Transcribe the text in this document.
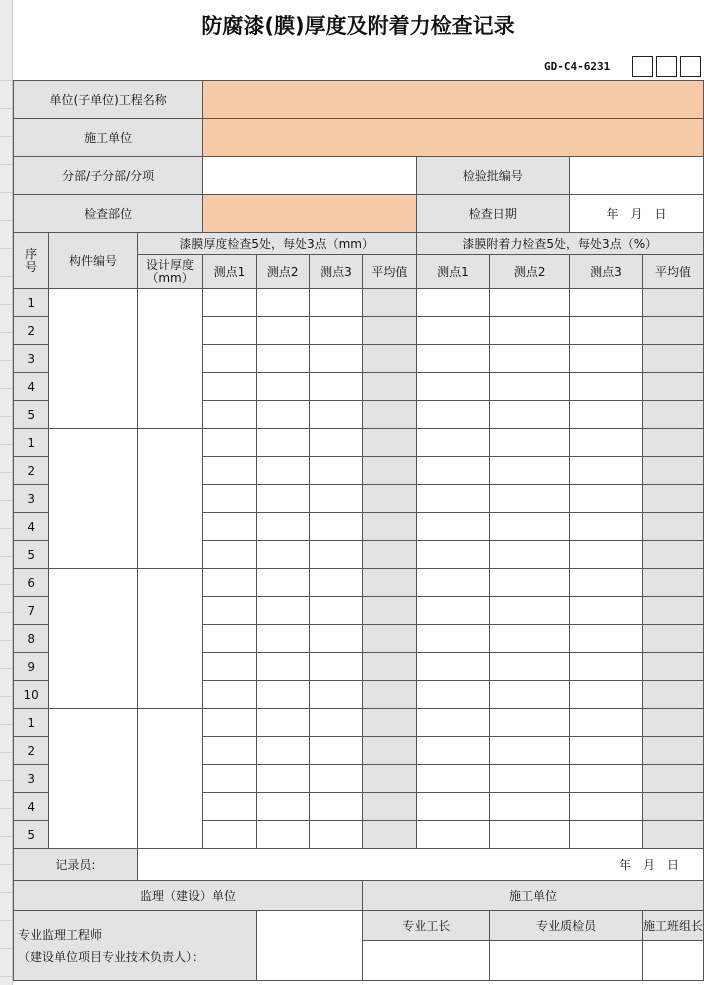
防腐漆(膜)厚度及附着力检查记录
GD-C4-6231
单位(子单位)工程名称										
施工单位										
分部/子分部/分项							检验批编号			
检查部位							检查日期		年　月　日	
序号	构件编号	漆膜厚度检查5处，每处3点（mm）					漆膜附着力检查5处，每处3点（%）			
		设计厚度（mm）	测点1	测点2	测点3	平均值	测点1	测点2	测点3	平均值
1										
2										
3										
4										
5										
1										
2										
3										
4										
5										
6										
7										
8										
9										
10										
1										
2										
3										
4										
5										
记录员:		年　月　日								
监理（建设）单位						施工单位				
专业监理工程师
（建设单位项目专业技术负责人）：						专业工长		专业质检员		施工班组长
